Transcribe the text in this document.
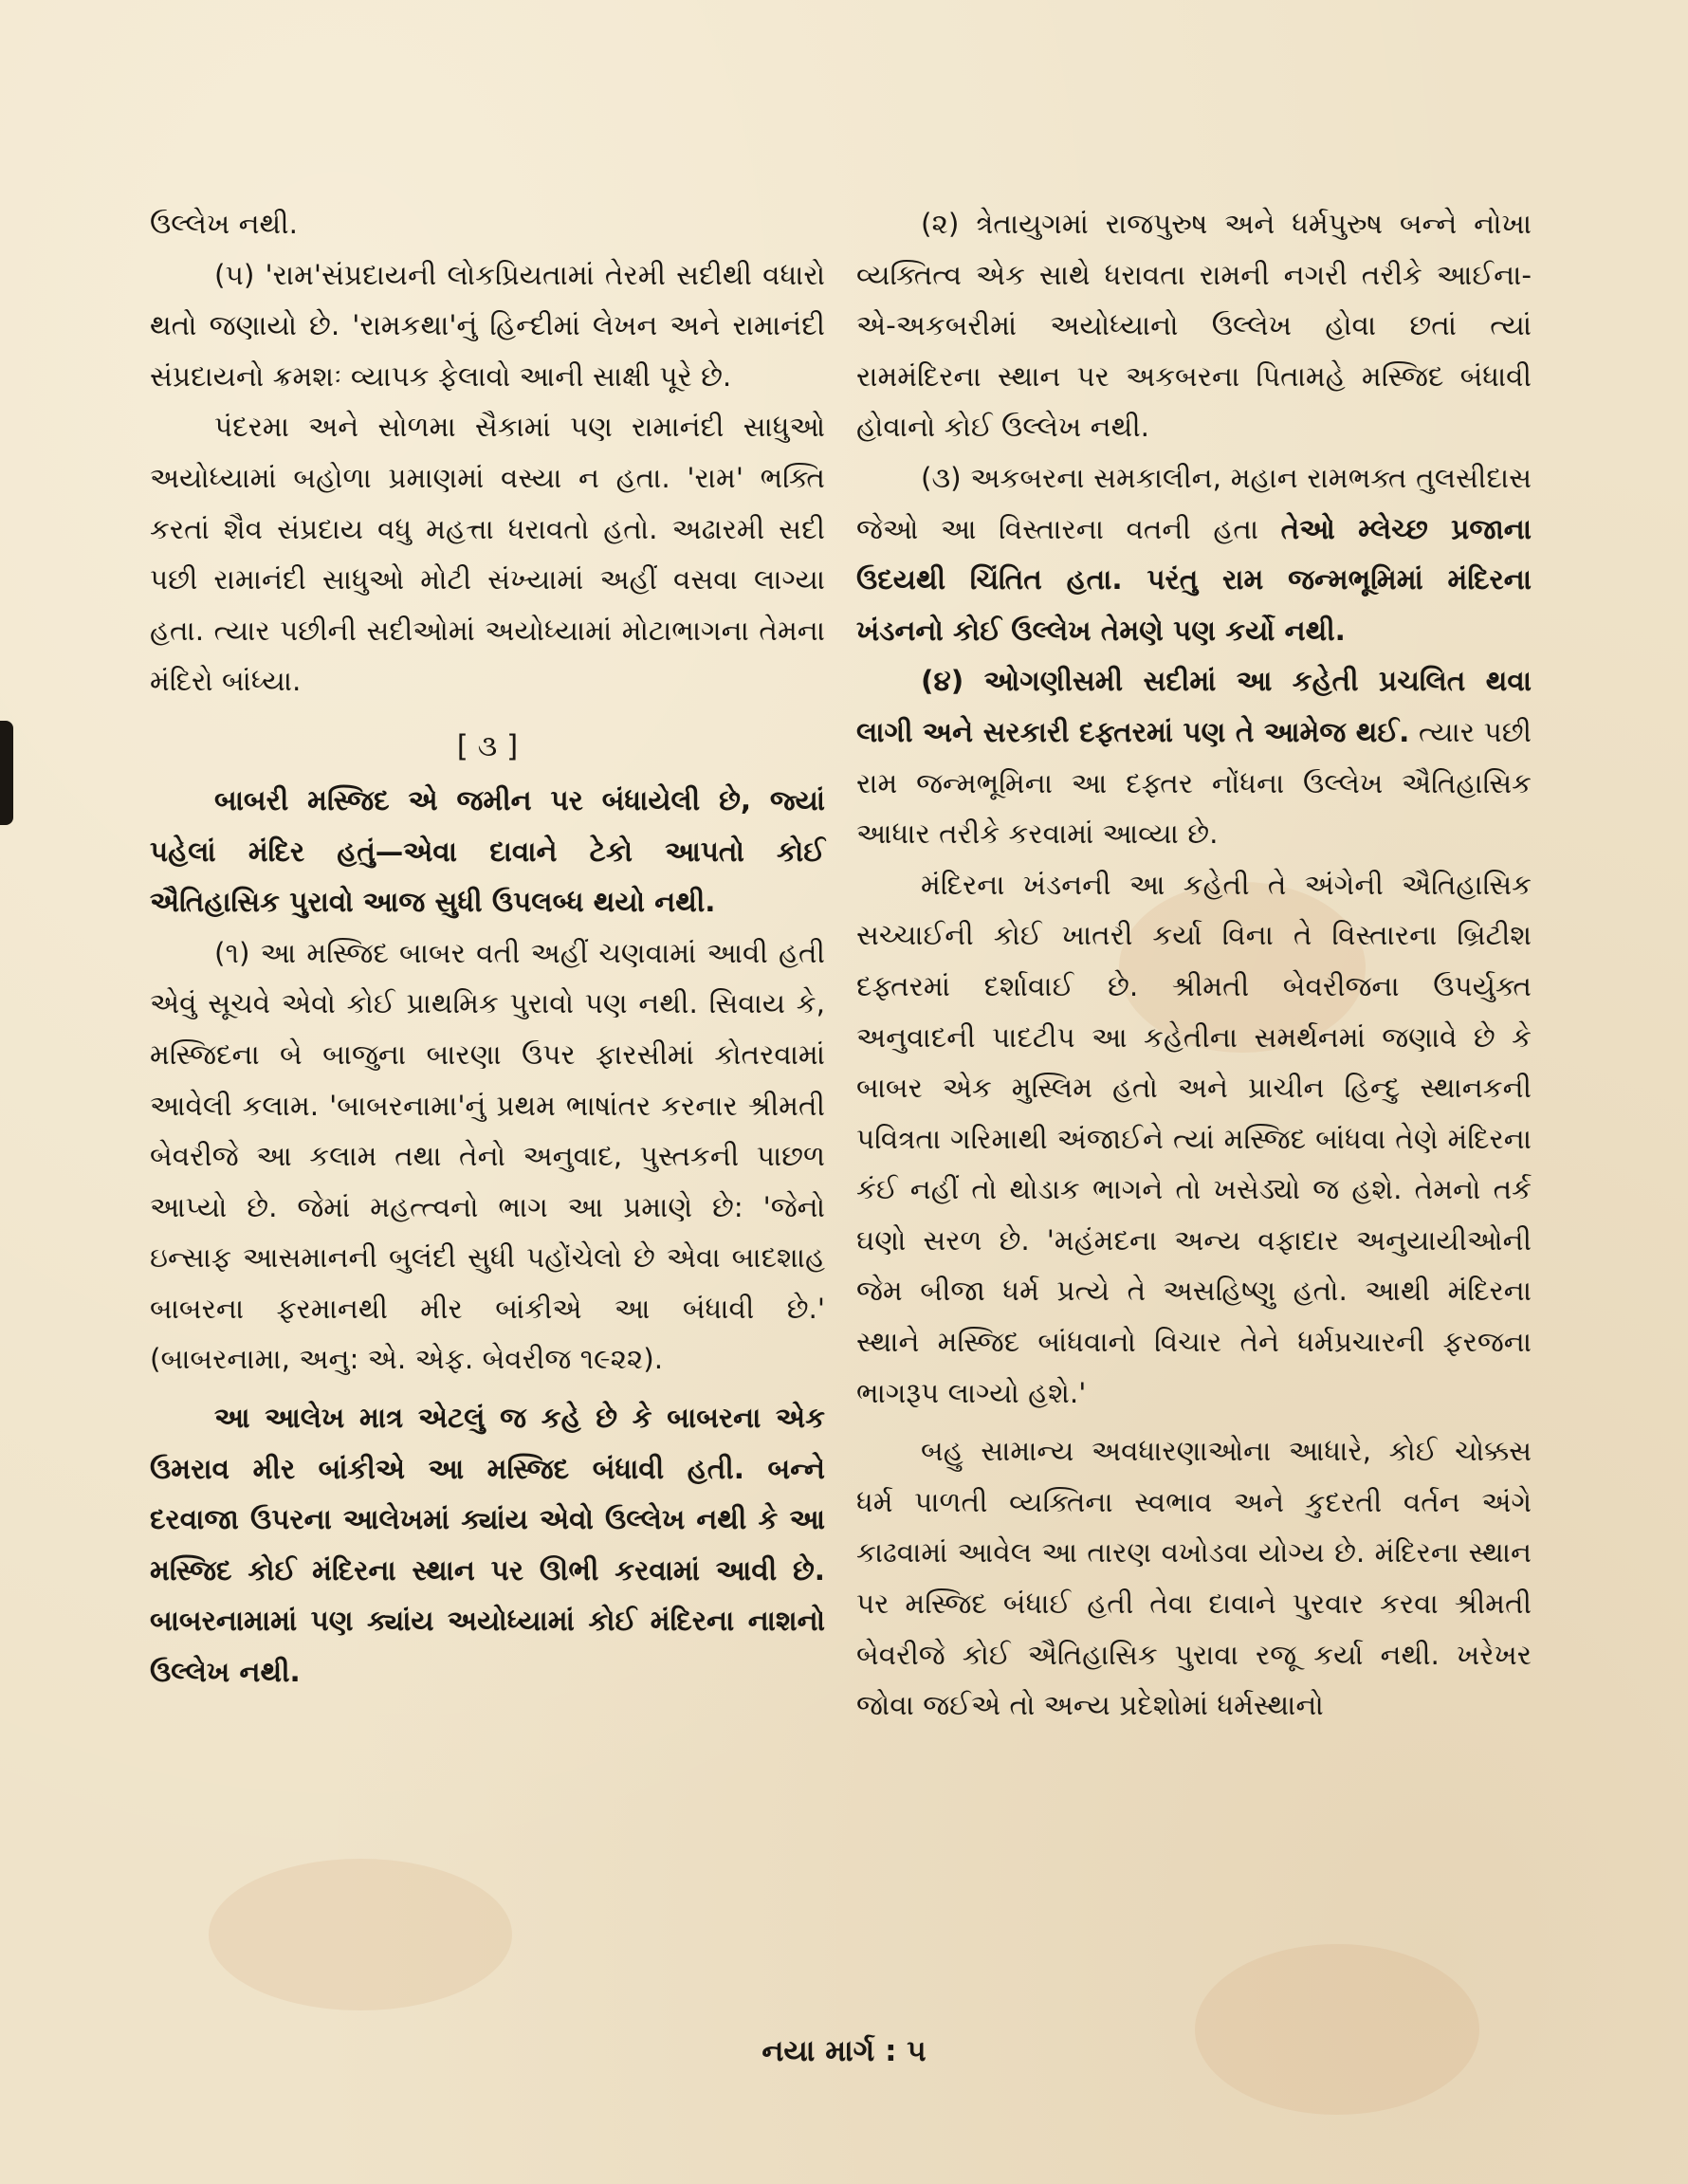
ઉલ્લેખ નથી.

(૫) 'રામ'સંપ્રદાયની લોકપ્રિયતામાં તેરમી સદીથી વધારો થતો જણાયો છે. 'રામકથા'નું હિન્દીમાં લેખન અને રામાનંદી સંપ્રદાયનો ક્રમશઃ વ્યાપક ફેલાવો આની સાક્ષી પૂરે છે.

પંદરમા અને સોળમા સૈકામાં પણ રામાનંદી સાધુઓ અયોધ્યામાં બહોળા પ્રમાણમાં વસ્યા ન હતા. 'રામ' ભક્તિ કરતાં શૈવ સંપ્રદાય વધુ મહત્તા ધરાવતો હતો. અઢારમી સદી પછી રામાનંદી સાધુઓ મોટી સંખ્યામાં અહીં વસવા લાગ્યા હતા. ત્યાર પછીની સદીઓમાં અયોધ્યામાં મોટાભાગના તેમના મંદિરો બાંધ્યા.

[ ૩ ]

બાબરી મસ્જિદ એ જમીન પર બંધાયેલી છે, જ્યાં પહેલાં મંદિર હતું—એવા દાવાને ટેકો આપતો કોઈ ઐતિહાસિક પુરાવો આજ સુધી ઉપલબ્ધ થયો નથી.

(૧) આ મસ્જિદ બાબર વતી અહીં ચણવામાં આવી હતી એવું સૂચવે એવો કોઈ પ્રાથમિક પુરાવો પણ નથી. સિવાય કે, મસ્જિદના બે બાજુના બારણા ઉપર ફારસીમાં કોતરવામાં આવેલી કલામ. 'બાબરનામા'નું પ્રથમ ભાષાંતર કરનાર શ્રીમતી બેવરીજે આ કલામ તથા તેનો અનુવાદ, પુસ્તકની પાછળ આપ્યો છે. જેમાં મહત્ત્વનો ભાગ આ પ્રમાણે છે: 'જેનો ઇન્સાફ આસમાનની બુલંદી સુધી પહોંચેલો છે એવા બાદશાહ બાબરના ફરમાનથી મીર બાંકીએ આ બંધાવી છે.' (બાબરનામા, અનુ: એ. એફ. બેવરીજ ૧૯૨૨).

આ આલેખ માત્ર એટલું જ કહે છે કે બાબરના એક ઉમરાવ મીર બાંકીએ આ મસ્જિદ બંધાવી હતી. બન્ને દરવાજા ઉપરના આલેખમાં ક્યાંય એવો ઉલ્લેખ નથી કે આ મસ્જિદ કોઈ મંદિરના સ્થાન પર ઊભી કરવામાં આવી છે. બાબરનામામાં પણ ક્યાંય અયોધ્યામાં કોઈ મંદિરના નાશનો ઉલ્લેખ નથી.

(૨) ત્રેતાયુગમાં રાજપુરુષ અને ધર્મપુરુષ બન્ને નોખા વ્યક્તિત્વ એક સાથે ધરાવતા રામની નગરી તરીકે આઈના-એ-અકબરીમાં અયોધ્યાનો ઉલ્લેખ હોવા છતાં ત્યાં રામમંદિરના સ્થાન પર અકબરના પિતામહે મસ્જિદ બંધાવી હોવાનો કોઈ ઉલ્લેખ નથી.

(૩) અકબરના સમકાલીન, મહાન રામભક્ત તુલસીદાસ જેઓ આ વિસ્તારના વતની હતા તેઓ મ્લેચ્છ પ્રજાના ઉદયથી ચિંતિત હતા. પરંતુ રામ જન્મભૂમિમાં મંદિરના ખંડનનો કોઈ ઉલ્લેખ તેમણે પણ કર્યો નથી.

(૪) ઓગણીસમી સદીમાં આ કહેતી પ્રચલિત થવા લાગી અને સરકારી દફ્તરમાં પણ તે આમેજ થઈ. ત્યાર પછી રામ જન્મભૂમિના આ દફ્તર નોંધના ઉલ્લેખ ઐતિહાસિક આધાર તરીકે કરવામાં આવ્યા છે.

મંદિરના ખંડનની આ કહેતી તે અંગેની ઐતિહાસિક સચ્ચાઈની કોઈ ખાતરી કર્યા વિના તે વિસ્તારના બ્રિટીશ દફ્તરમાં દર્શાવાઈ છે. શ્રીમતી બેવરીજના ઉપર્યુક્ત અનુવાદની પાદટીપ આ કહેતીના સમર્થનમાં જણાવે છે કે બાબર એક મુસ્લિમ હતો અને પ્રાચીન હિન્દુ સ્થાનકની પવિત્રતા ગરિમાથી અંજાઈને ત્યાં મસ્જિદ બાંધવા તેણે મંદિરના કંઈ નહીં તો થોડાક ભાગને તો ખસેડ્યો જ હશે. તેમનો તર્ક ઘણો સરળ છે. 'મહંમદના અન્ય વફાદાર અનુયાયીઓની જેમ બીજા ધર્મ પ્રત્યે તે અસહિષ્ણુ હતો. આથી મંદિરના સ્થાને મસ્જિદ બાંધવાનો વિચાર તેને ધર્મપ્રચારની ફરજના ભાગરૂપ લાગ્યો હશે.'

બહુ સામાન્ય અવધારણાઓના આધારે, કોઈ ચોક્કસ ધર્મ પાળતી વ્યક્તિના સ્વભાવ અને કુદરતી વર્તન અંગે કાઢવામાં આવેલ આ તારણ વખોડવા યોગ્ય છે. મંદિરના સ્થાન પર મસ્જિદ બંધાઈ હતી તેવા દાવાને પુરવાર કરવા શ્રીમતી બેવરીજે કોઈ ઐતિહાસિક પુરાવા રજૂ કર્યા નથી. ખરેખર જોવા જઈએ તો અન્ય પ્રદેશોમાં ધર્મસ્થાનો

નયા માર્ગ : ૫
